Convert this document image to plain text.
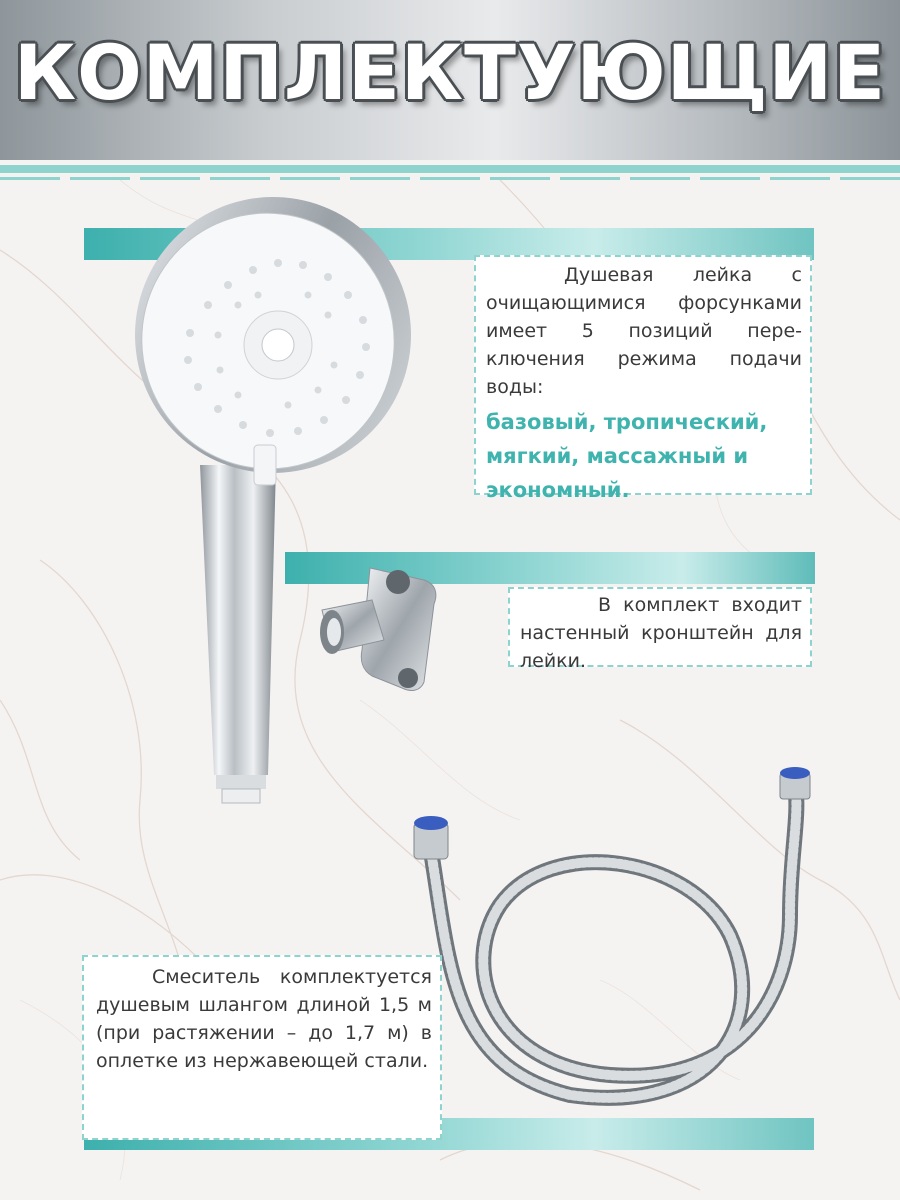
КОМПЛЕКТУЮЩИЕ

Душевая лейка с очищающимися форсунками имеет 5 позиций пере-ключения режима подачи воды:

базовый, тропический, мягкий, массажный и экономный.

В комплект входит настенный кронштейн для лейки.

Смеситель комплектуется душевым шлангом длиной 1,5 м (при растяжении – до 1,7 м) в оплетке из нержавеющей стали.
